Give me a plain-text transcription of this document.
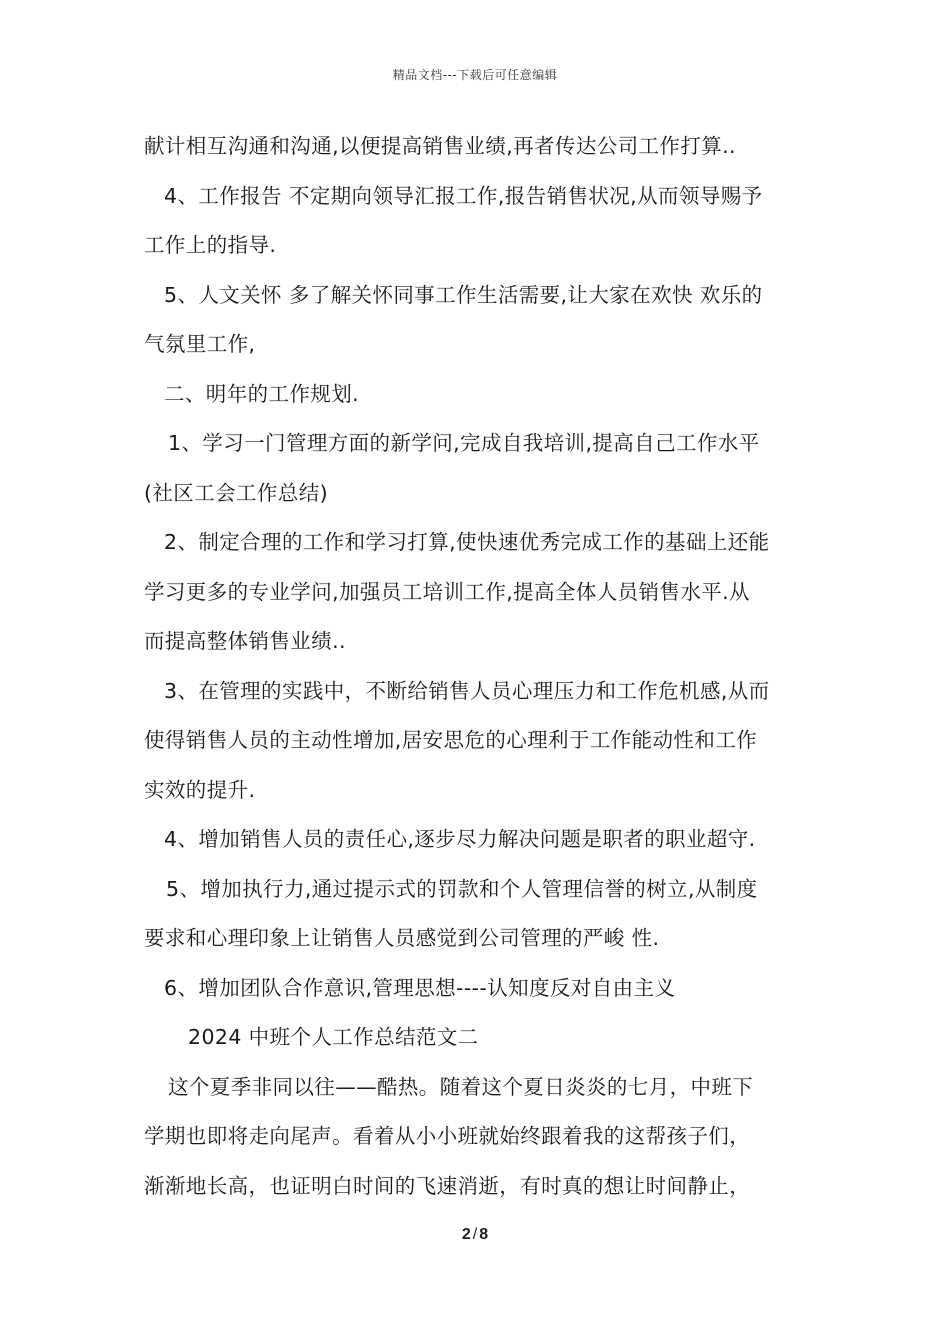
精品文档---下载后可任意编辑
献计相互沟通和沟通,以便提高销售业绩,再者传达公司工作打算..
4、工作报告 不定期向领导汇报工作,报告销售状况,从而领导赐予
工作上的指导.
5、人文关怀 多了解关怀同事工作生活需要,让大家在欢快 欢乐的
气氛里工作,
二、明年的工作规划.
1、学习一门管理方面的新学问,完成自我培训,提高自己工作水平
(社区工会工作总结)
2、制定合理的工作和学习打算,使快速优秀完成工作的基础上还能
学习更多的专业学问,加强员工培训工作,提高全体人员销售水平.从
而提高整体销售业绩..
3、在管理的实践中，不断给销售人员心理压力和工作危机感,从而
使得销售人员的主动性增加,居安思危的心理利于工作能动性和工作
实效的提升.
4、增加销售人员的责任心,逐步尽力解决问题是职者的职业超守.
5、增加执行力,通过提示式的罚款和个人管理信誉的树立,从制度
要求和心理印象上让销售人员感觉到公司管理的严峻 性.
6、增加团队合作意识,管理思想----认知度反对自由主义
2024 中班个人工作总结范文二
这个夏季非同以往——酷热。随着这个夏日炎炎的七月，中班下
学期也即将走向尾声。看着从小小班就始终跟着我的这帮孩子们，
渐渐地长高，也证明白时间的飞速消逝，有时真的想让时间静止，
2 / 8
